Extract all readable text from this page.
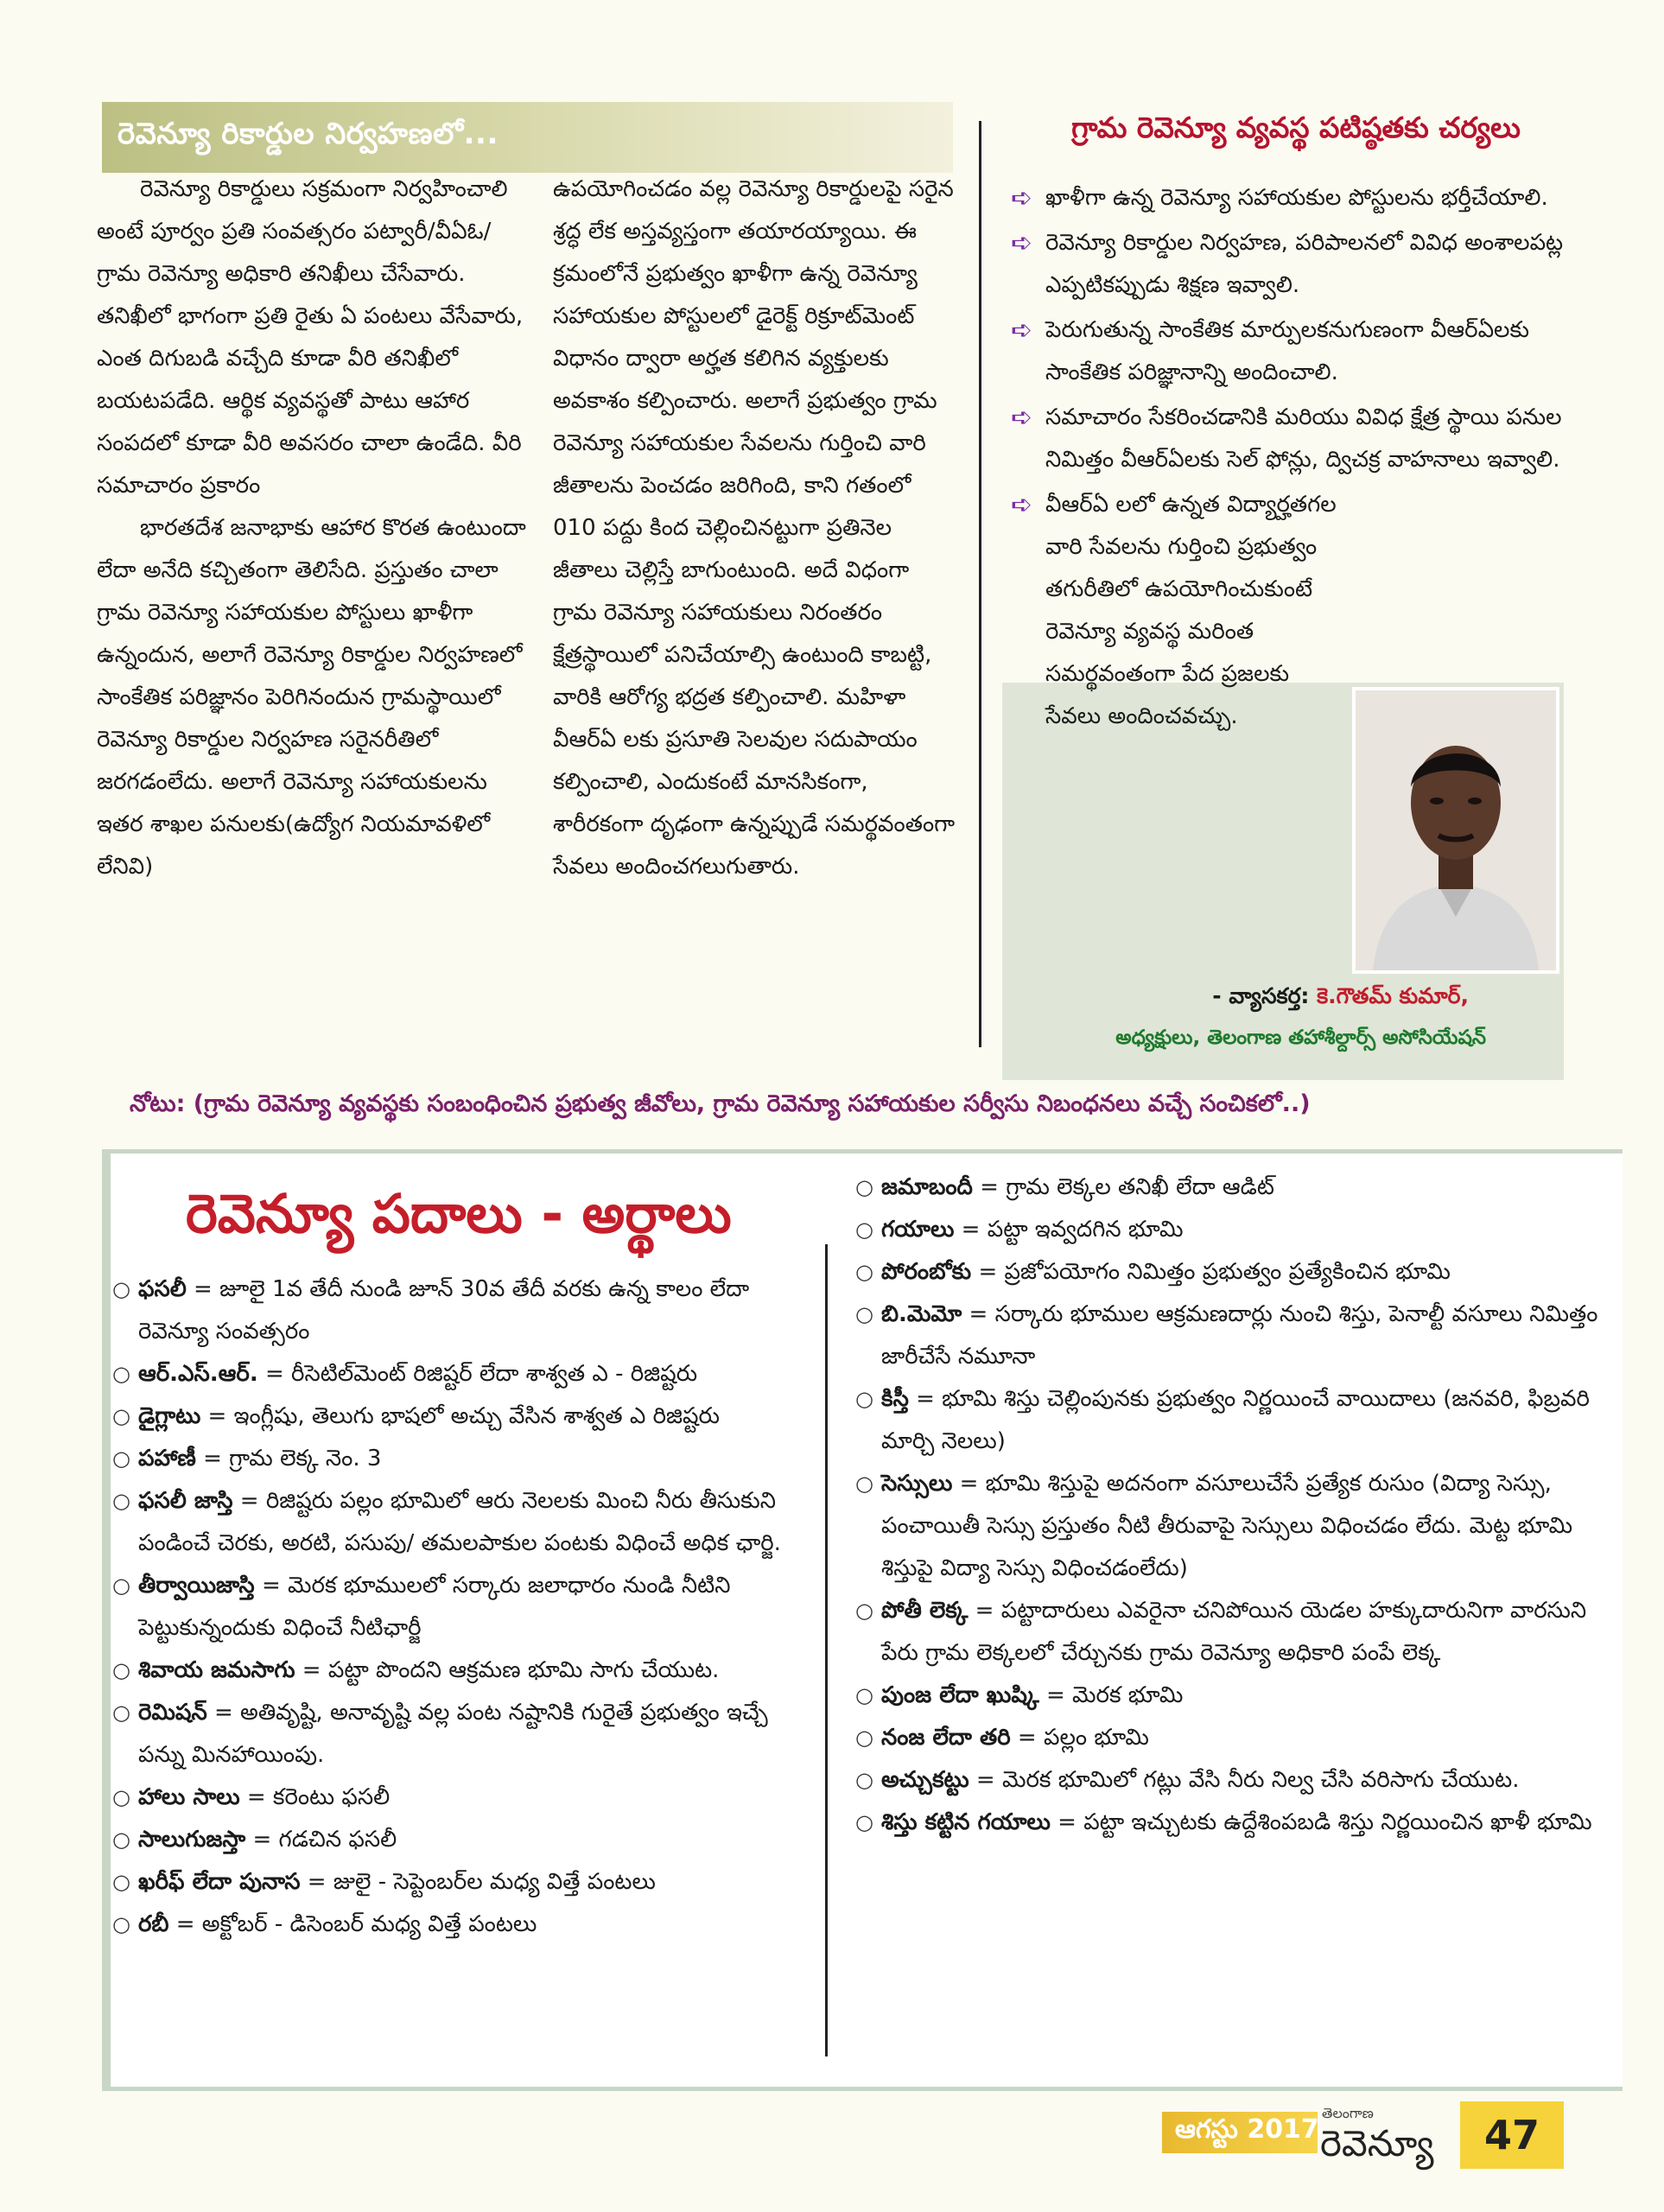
రెవెన్యూ రికార్డుల నిర్వహణలో...

రెవెన్యూ రికార్డులు సక్రమంగా నిర్వహించాలి అంటే పూర్వం ప్రతి సంవత్సరం పట్వారీ/వీఏఓ/గ్రామ రెవెన్యూ అధికారి తనిఖీలు చేసేవారు. తనిఖీలో భాగంగా ప్రతి రైతు ఏ పంటలు వేసేవారు, ఎంత దిగుబడి వచ్చేది కూడా వీరి తనిఖీలో బయటపడేది. ఆర్థిక వ్యవస్థతో పాటు ఆహార సంపదలో కూడా వీరి అవసరం చాలా ఉండేది. వీరి సమాచారం ప్రకారం

భారతదేశ జనాభాకు ఆహార కొరత ఉంటుందా లేదా అనేది కచ్చితంగా తెలిసేది. ప్రస్తుతం చాలా గ్రామ రెవెన్యూ సహాయకుల పోస్టులు ఖాళీగా ఉన్నందున, అలాగే రెవెన్యూ రికార్డుల నిర్వహణలో సాంకేతిక పరిజ్ఞానం పెరిగినందున గ్రామస్థాయిలో రెవెన్యూ రికార్డుల నిర్వహణ సరైనరీతిలో జరగడంలేదు. అలాగే రెవెన్యూ సహాయకులను ఇతర శాఖల పనులకు(ఉద్యోగ నియమావళిలో లేనివి)

ఉపయోగించడం వల్ల రెవెన్యూ రికార్డులపై సరైన శ్రద్ధ లేక అస్తవ్యస్తంగా తయారయ్యాయి. ఈ క్రమంలోనే ప్రభుత్వం ఖాళీగా ఉన్న రెవెన్యూ సహాయకుల పోస్టులలో డైరెక్ట్ రిక్రూట్‌మెంట్ విధానం ద్వారా అర్హత కలిగిన వ్యక్తులకు అవకాశం కల్పించారు. అలాగే ప్రభుత్వం గ్రామ రెవెన్యూ సహాయకుల సేవలను గుర్తించి వారి జీతాలను పెంచడం జరిగింది, కాని గతంలో 010 పద్దు కింద చెల్లించినట్టుగా ప్రతినెల జీతాలు చెల్లిస్తే బాగుంటుంది. అదే విధంగా గ్రామ రెవెన్యూ సహాయకులు నిరంతరం క్షేత్రస్థాయిలో పనిచేయాల్సి ఉంటుంది కాబట్టి, వారికి ఆరోగ్య భద్రత కల్పించాలి. మహిళా వీఆర్‌ఏ లకు ప్రసూతి సెలవుల సదుపాయం కల్పించాలి, ఎందుకంటే మానసికంగా, శారీరకంగా దృఢంగా ఉన్నప్పుడే సమర్థవంతంగా సేవలు అందించగలుగుతారు.

గ్రామ రెవెన్యూ వ్యవస్థ పటిష్ఠతకు చర్యలు
➪ ఖాళీగా ఉన్న రెవెన్యూ సహాయకుల పోస్టులను భర్తీచేయాలి.
➪ రెవెన్యూ రికార్డుల నిర్వహణ, పరిపాలనలో వివిధ అంశాలపట్ల ఎప్పటికప్పుడు శిక్షణ ఇవ్వాలి.
➪ పెరుగుతున్న సాంకేతిక మార్పులకనుగుణంగా వీఆర్‌ఏలకు సాంకేతిక పరిజ్ఞానాన్ని అందించాలి.
➪ సమాచారం సేకరించడానికి మరియు వివిధ క్షేత్ర స్థాయి పనుల నిమిత్తం వీఆర్‌ఏలకు సెల్ ఫోన్లు, ద్విచక్ర వాహనాలు ఇవ్వాలి.
➪ వీఆర్‌ఏ లలో ఉన్నత విద్యార్హతగల వారి సేవలను గుర్తించి ప్రభుత్వం తగురీతిలో ఉపయోగించుకుంటే రెవెన్యూ వ్యవస్థ మరింత సమర్థవంతంగా పేద ప్రజలకు సేవలు అందించవచ్చు.
- వ్యాసకర్త: కె.గౌతమ్ కుమార్,
అధ్యక్షులు, తెలంగాణ తహాశీల్దార్స్ అసోసియేషన్
నోటు: (గ్రామ రెవెన్యూ వ్యవస్థకు సంబంధించిన ప్రభుత్వ జీవోలు, గ్రామ రెవెన్యూ సహాయకుల సర్వీసు నిబంధనలు వచ్చే సంచికలో..)
రెవెన్యూ పదాలు - అర్థాలు
○ ఫసలీ = జూలై 1వ తేదీ నుండి జూన్ 30వ తేదీ వరకు ఉన్న కాలం లేదా రెవెన్యూ సంవత్సరం
○ ఆర్.ఎస్.ఆర్. = రీసెటిల్‌మెంట్ రిజిష్టర్ లేదా శాశ్వత ఎ - రిజిష్టరు
○ డైగ్లాటు = ఇంగ్లీషు, తెలుగు భాషలో అచ్చు వేసిన శాశ్వత ఎ రిజిష్టరు
○ పహాణీ = గ్రామ లెక్క నెం. 3
○ ఫసలీ జాస్తి = రిజిష్టరు పల్లం భూమిలో ఆరు నెలలకు మించి నీరు తీసుకుని పండించే చెరకు, అరటి, పసుపు/ తమలపాకుల పంటకు విధించే అధిక ఛార్జి.
○ తీర్వాయిజాస్తి = మెరక భూములలో సర్కారు జలాధారం నుండి నీటిని పెట్టుకున్నందుకు విధించే నీటిఛార్జీ
○ శివాయ జమసాగు = పట్టా పొందని ఆక్రమణ భూమి సాగు చేయుట.
○ రెమిషన్ = అతివృష్టి, అనావృష్టి వల్ల పంట నష్టానికి గురైతే ప్రభుత్వం ఇచ్చే పన్ను మినహాయింపు.
○ హాలు సాలు = కరెంటు ఫసలీ
○ సాలుగుజస్తా = గడచిన ఫసలీ
○ ఖరీఫ్ లేదా పునాస = జులై - సెప్టెంబర్‌ల మధ్య విత్తే పంటలు
○ రబీ = అక్టోబర్ - డిసెంబర్ మధ్య విత్తే పంటలు
○ జమాబందీ = గ్రామ లెక్కల తనిఖీ లేదా ఆడిట్
○ గయాలు = పట్టా ఇవ్వదగిన భూమి
○ పోరంబోకు = ప్రజోపయోగం నిమిత్తం ప్రభుత్వం ప్రత్యేకించిన భూమి
○ బి.మెమో = సర్కారు భూముల ఆక్రమణదార్లు నుంచి శిస్తు, పెనాల్టీ వసూలు నిమిత్తం జారీచేసే నమూనా
○ కిస్తీ = భూమి శిస్తు చెల్లింపునకు ప్రభుత్వం నిర్ణయించే వాయిదాలు (జనవరి, ఫిబ్రవరి మార్చి నెలలు)
○ సెస్సులు = భూమి శిస్తుపై అదనంగా వసూలుచేసే ప్రత్యేక రుసుం (విద్యా సెస్సు, పంచాయితీ సెస్సు ప్రస్తుతం నీటి తీరువాపై సెస్సులు విధించడం లేదు. మెట్ట భూమి శిస్తుపై విద్యా సెస్సు విధించడంలేదు)
○ పోతీ లెక్క = పట్టాదారులు ఎవరైనా చనిపోయిన యెడల హక్కుదారునిగా వారసుని పేరు గ్రామ లెక్కలలో చేర్చునకు గ్రామ రెవెన్యూ అధికారి పంపే లెక్క
○ పుంజ లేదా ఖుష్కి = మెరక భూమి
○ నంజ లేదా తరి = పల్లం భూమి
○ అచ్చుకట్టు = మెరక భూమిలో గట్లు వేసి నీరు నిల్వ చేసి వరిసాగు చేయుట.
○ శిస్తు కట్టిన గయాలు = పట్టా ఇచ్చుటకు ఉద్దేశింపబడి శిస్తు నిర్ణయించిన ఖాళీ భూమి
ఆగస్టు 2017
తెలంగాణ
రెవెన్యూ	47
